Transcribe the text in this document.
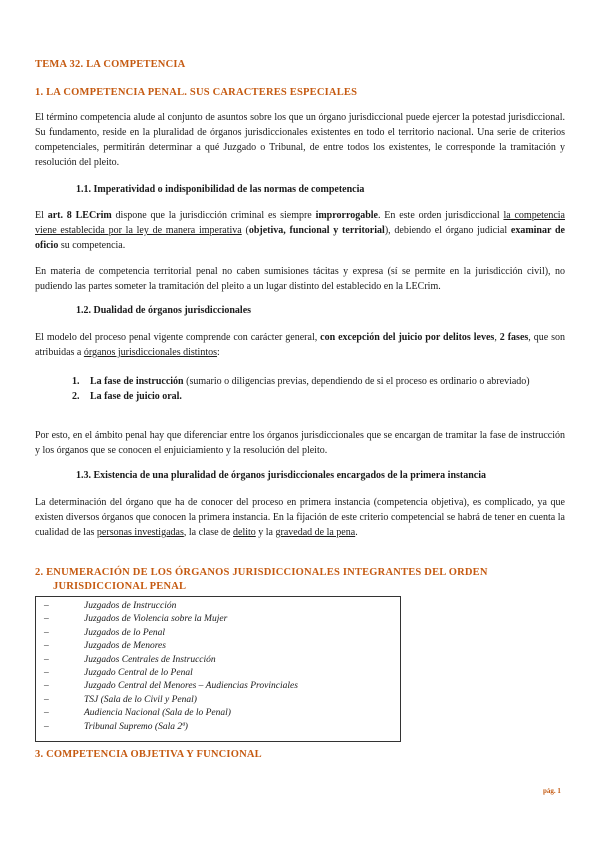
TEMA 32. LA COMPETENCIA
1. LA COMPETENCIA PENAL. SUS CARACTERES ESPECIALES
El término competencia alude al conjunto de asuntos sobre los que un órgano jurisdiccional puede ejercer la potestad jurisdiccional. Su fundamento, reside en la pluralidad de órganos jurisdiccionales existentes en todo el territorio nacional. Una serie de criterios competenciales, permitirán determinar a qué Juzgado o Tribunal, de entre todos los existentes, le corresponde la tramitación y resolución del pleito.
1.1. Imperatividad o indisponibilidad de las normas de competencia

El art. 8 LECrim dispone que la jurisdicción criminal es siempre improrrogable. En este orden jurisdiccional la competencia viene establecida por la ley de manera imperativa (objetiva, funcional y territorial), debiendo el órgano judicial examinar de oficio su competencia.

En materia de competencia territorial penal no caben sumisiones tácitas y expresa (sí se permite en la jurisdicción civil), no pudiendo las partes someter la tramitación del pleito a un lugar distinto del establecido en la LECrim.
1.2. Dualidad de órganos jurisdiccionales

El modelo del proceso penal vigente comprende con carácter general, con excepción del juicio por delitos leves, 2 fases, que son atribuidas a órganos jurisdiccionales distintos:

1.	La fase de instrucción (sumario o diligencias previas, dependiendo de si el proceso es ordinario o abreviado)
2.	La fase de juicio oral.
Por esto, en el ámbito penal hay que diferenciar entre los órganos jurisdiccionales que se encargan de tramitar la fase de instrucción y los órganos que se conocen el enjuiciamiento y la resolución del pleito.
1.3. Existencia de una pluralidad de órganos jurisdiccionales encargados de la primera instancia

La determinación del órgano que ha de conocer del proceso en primera instancia (competencia objetiva), es complicado, ya que existen diversos órganos que conocen la primera instancia. En la fijación de este criterio competencial se habrá de tener en cuenta la cualidad de las personas investigadas, la clase de delito y la gravedad de la pena.

2. ENUMERACIÓN DE LOS ÓRGANOS JURISDICCIONALES INTEGRANTES DEL ORDEN
JURISDICCIONAL PENAL
–	Juzgados de Instrucción
–	Juzgados de Violencia sobre la Mujer
–	Juzgados de lo Penal
–	Juzgados de Menores
–	Juzgados Centrales de Instrucción
–	Juzgado Central de lo Penal
–	Juzgado Central del Menores – Audiencias Provinciales
–	TSJ (Sala de lo Civil y Penal)
–	Audiencia Nacional (Sala de lo Penal)
–	Tribunal Supremo (Sala 2ª)
3. COMPETENCIA OBJETIVA Y FUNCIONAL
pág. 1
